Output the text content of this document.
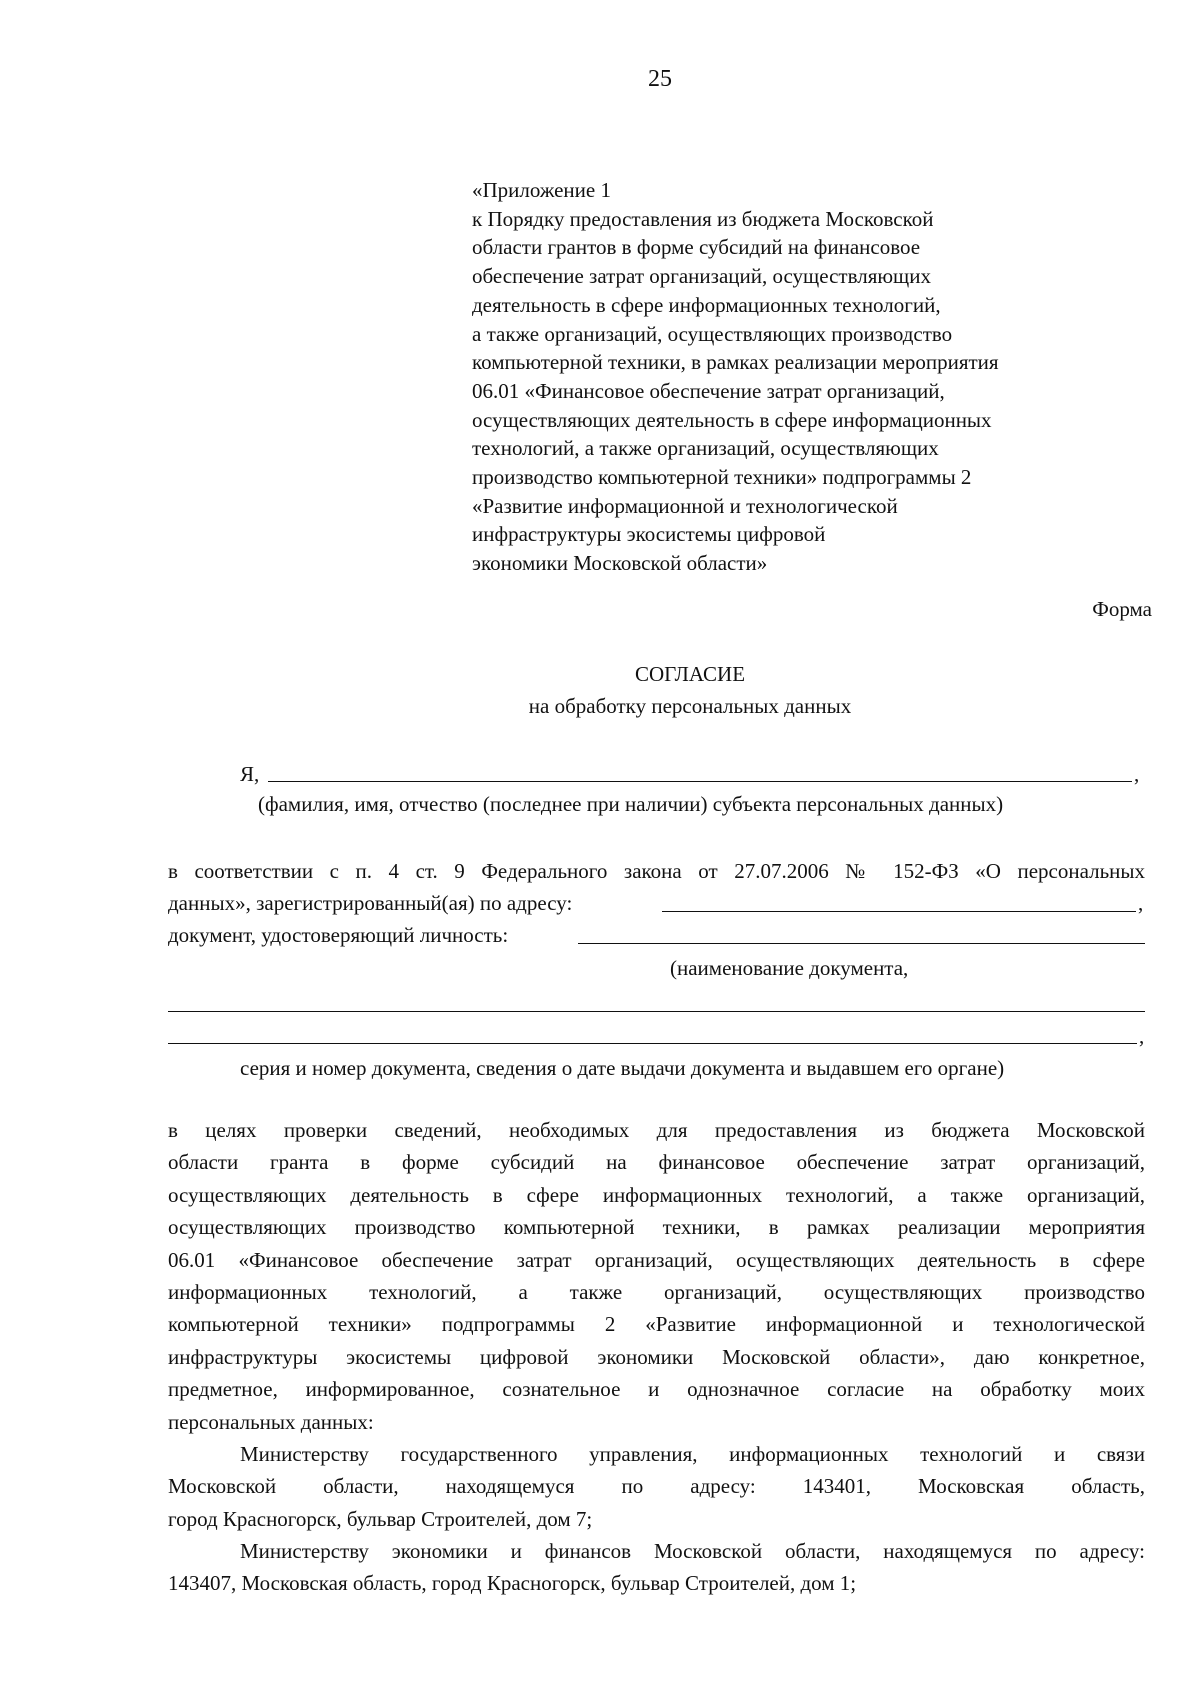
25
«Приложение 1
к Порядку предоставления из бюджета Московской
области грантов в форме субсидий на финансовое
обеспечение затрат организаций, осуществляющих
деятельность в сфере информационных технологий,
а также организаций, осуществляющих производство
компьютерной техники, в рамках реализации мероприятия
06.01 «Финансовое обеспечение затрат организаций,
осуществляющих деятельность в сфере информационных
технологий, а также организаций, осуществляющих
производство компьютерной техники» подпрограммы 2
«Развитие информационной и технологической
инфраструктуры экосистемы цифровой
экономики Московской области»
Форма
СОГЛАСИЕ
на обработку персональных данных
Я,	,
(фамилия, имя, отчество (последнее при наличии) субъекта персональных данных)
в соответствии с п. 4 ст. 9 Федерального закона от 27.07.2006 № 152-ФЗ «О персональных
данных», зарегистрированный(ая) по адресу:	,
документ, удостоверяющий личность:
(наименование документа,
,
серия и номер документа, сведения о дате выдачи документа и выдавшем его органе)
в целях проверки сведений, необходимых для предоставления из бюджета Московской
области гранта в форме субсидий на финансовое обеспечение затрат организаций,
осуществляющих деятельность в сфере информационных технологий, а также организаций,
осуществляющих производство компьютерной техники, в рамках реализации мероприятия
06.01 «Финансовое обеспечение затрат организаций, осуществляющих деятельность в сфере
информационных технологий, а также организаций, осуществляющих производство
компьютерной техники» подпрограммы 2 «Развитие информационной и технологической
инфраструктуры экосистемы цифровой экономики Московской области», даю конкретное,
предметное, информированное, сознательное и однозначное согласие на обработку моих
персональных данных:
Министерству государственного управления, информационных технологий и связи
Московской области, находящемуся по адресу: 143401, Московская область,
город Красногорск, бульвар Строителей, дом 7;
Министерству экономики и финансов Московской области, находящемуся по адресу:
143407, Московская область, город Красногорск, бульвар Строителей, дом 1;
